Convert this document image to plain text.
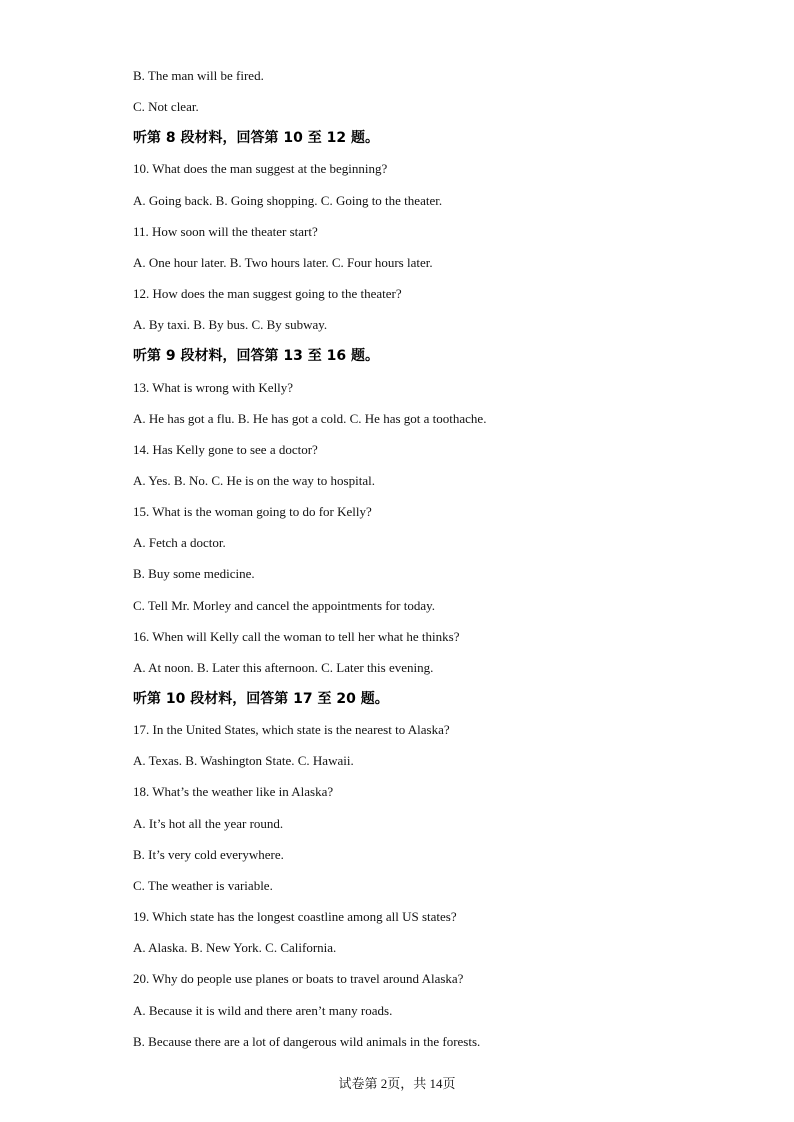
B. The man will be fired.
C. Not clear.
听第 8 段材料，回答第 10 至 12 题。
10. What does the man suggest at the beginning?
A. Going back. B. Going shopping. C. Going to the theater.
11. How soon will the theater start?
A. One hour later. B. Two hours later. C. Four hours later.
12. How does the man suggest going to the theater?
A. By taxi. B. By bus. C. By subway.
听第 9 段材料，回答第 13 至 16 题。
13. What is wrong with Kelly?
A. He has got a flu. B. He has got a cold. C. He has got a toothache.
14. Has Kelly gone to see a doctor?
A. Yes. B. No. C. He is on the way to hospital.
15. What is the woman going to do for Kelly?
A. Fetch a doctor.
B. Buy some medicine.
C. Tell Mr. Morley and cancel the appointments for today.
16. When will Kelly call the woman to tell her what he thinks?
A. At noon. B. Later this afternoon. C. Later this evening.
听第 10 段材料，回答第 17 至 20 题。
17. In the United States, which state is the nearest to Alaska?
A. Texas. B. Washington State. C. Hawaii.
18. What’s the weather like in Alaska?
A. It’s hot all the year round.
B. It’s very cold everywhere.
C. The weather is variable.
19. Which state has the longest coastline among all US states?
A. Alaska. B. New York. C. California.
20. Why do people use planes or boats to travel around Alaska?
A. Because it is wild and there aren’t many roads.
B. Because there are a lot of dangerous wild animals in the forests.
试卷第 2页，共 14页
